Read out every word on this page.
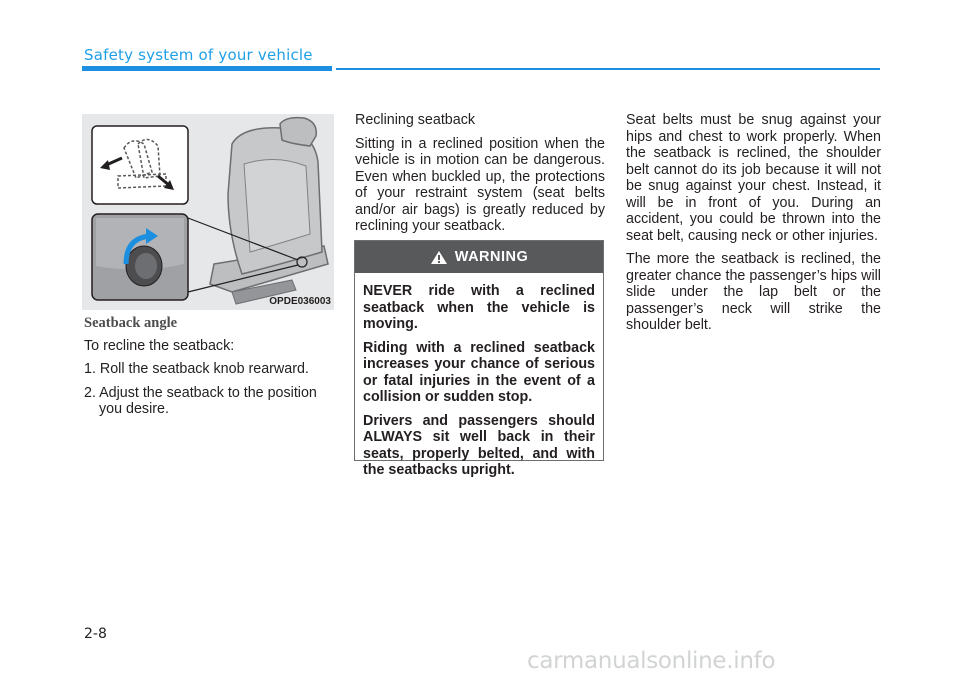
Safety system of your vehicle
OPDE036003
Seatback angle

To recline the seatback:

1. Roll the seatback knob rearward.

2. Adjust the seatback to the position you desire.

Reclining seatback

Sitting in a reclined position when the vehicle is in motion can be dangerous. Even when buckled up, the protections of your restraint system (seat belts and/or air bags) is greatly reduced by reclining your seatback.

WARNING

NEVER ride with a reclined seatback when the vehicle is moving.

Riding with a reclined seatback increases your chance of serious or fatal injuries in the event of a collision or sudden stop.

Drivers and passengers should ALWAYS sit well back in their seats, properly belted, and with the seatbacks upright.

Seat belts must be snug against your hips and chest to work properly. When the seatback is reclined, the shoulder belt cannot do its job because it will not be snug against your chest. Instead, it will be in front of you. During an accident, you could be thrown into the seat belt, causing neck or other injuries.

The more the seatback is reclined, the greater chance the passenger’s hips will slide under the lap belt or the passenger’s neck will strike the shoulder belt.

2-8
carmanualsonline.info
